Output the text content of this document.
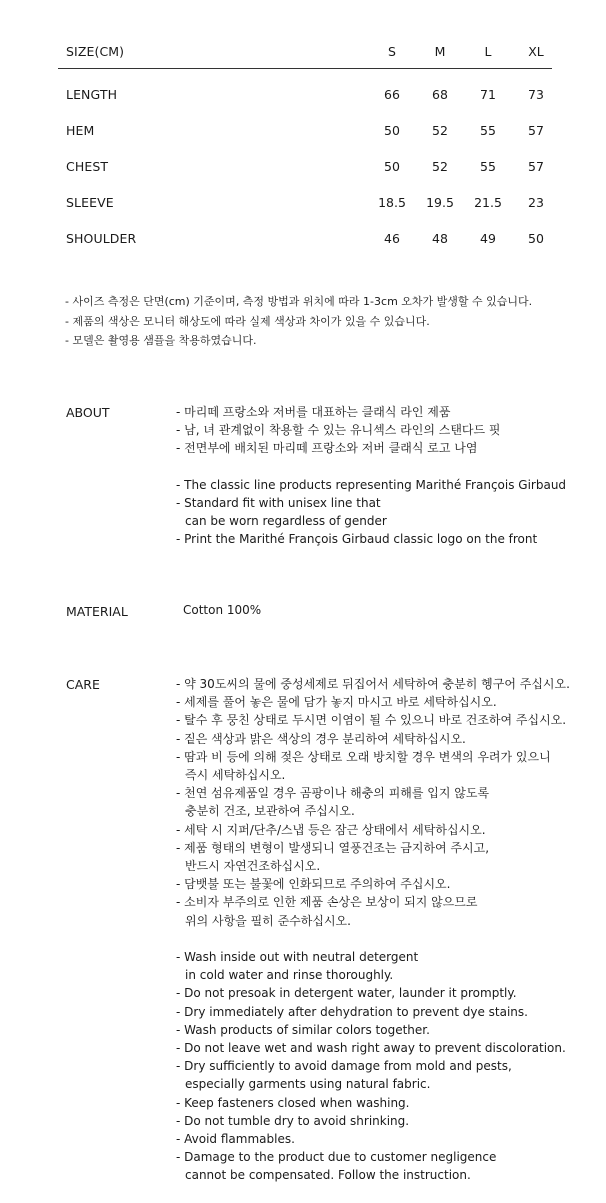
SIZE(CM)	S	M	L	XL
LENGTH	66	68	71	73
HEM	50	52	55	57
CHEST	50	52	55	57
SLEEVE	18.5	19.5	21.5	23
SHOULDER	46	48	49	50
- 사이즈 측정은 단면(cm) 기준이며, 측정 방법과 위치에 따라 1-3cm 오차가 발생할 수 있습니다.
- 제품의 색상은 모니터 해상도에 따라 실제 색상과 차이가 있을 수 있습니다.
- 모델은 촬영용 샘플을 착용하였습니다.
ABOUT	- 마리떼 프랑소와 저버를 대표하는 클래식 라인 제품
- 남, 녀 관계없이 착용할 수 있는 유니섹스 라인의 스탠다드 핏
- 전면부에 배치된 마리떼 프랑소와 저버 클래식 로고 나염
- The classic line products representing Marithé François Girbaud
- Standard fit with unisex line that
can be worn regardless of gender
- Print the Marithé François Girbaud classic logo on the front
MATERIAL	Cotton 100%
CARE	- 약 30도씨의 물에 중성세제로 뒤집어서 세탁하여 충분히 헹구어 주십시오.
- 세제를 풀어 놓은 물에 담가 놓지 마시고 바로 세탁하십시오.
- 탈수 후 뭉친 상태로 두시면 이염이 될 수 있으니 바로 건조하여 주십시오.
- 짙은 색상과 밝은 색상의 경우 분리하여 세탁하십시오.
- 땀과 비 등에 의해 젖은 상태로 오래 방치할 경우 변색의 우려가 있으니
즉시 세탁하십시오.
- 천연 섬유제품일 경우 곰팡이나 해충의 피해를 입지 않도록
충분히 건조, 보관하여 주십시오.
- 세탁 시 지퍼/단추/스냅 등은 잠근 상태에서 세탁하십시오.
- 제품 형태의 변형이 발생되니 열풍건조는 금지하여 주시고,
반드시 자연건조하십시오.
- 담뱃불 또는 불꽃에 인화되므로 주의하여 주십시오.
- 소비자 부주의로 인한 제품 손상은 보상이 되지 않으므로
위의 사항을 필히 준수하십시오.
- Wash inside out with neutral detergent
in cold water and rinse thoroughly.
- Do not presoak in detergent water, launder it promptly.
- Dry immediately after dehydration to prevent dye stains.
- Wash products of similar colors together.
- Do not leave wet and wash right away to prevent discoloration.
- Dry sufficiently to avoid damage from mold and pests,
especially garments using natural fabric.
- Keep fasteners closed when washing.
- Do not tumble dry to avoid shrinking.
- Avoid flammables.
- Damage to the product due to customer negligence
cannot be compensated. Follow the instruction.
